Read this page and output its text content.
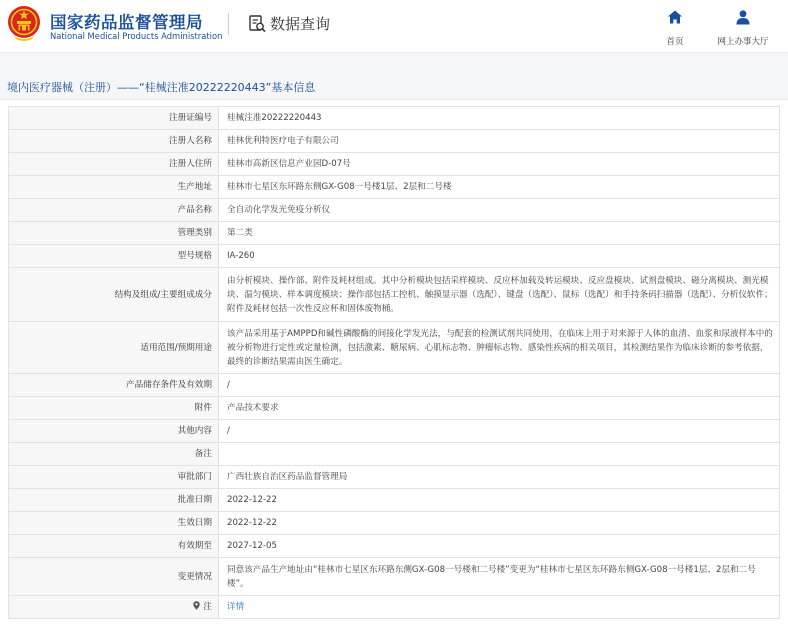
国家药品监督管理局
National Medical Products Administration
数据查询
首页	网上办事大厅
境内医疗器械（注册）——“桂械注准20222220443”基本信息
注册证编号	桂械注准20222220443
注册人名称	桂林优利特医疗电子有限公司
注册人住所	桂林市高新区信息产业园D-07号
生产地址	桂林市七星区东环路东侧GX-G08一号楼1层、2层和二号楼
产品名称	全自动化学发光免疫分析仪
管理类别	第二类
型号规格	IA-260
结构及组成/主要组成成分	由分析模块、操作部、附件及耗材组成。其中分析模块包括采样模块、反应杯加载及转运模块、反应盘模块、试剂盘模块、磁分离模块、测光模块、温匀模块、样本调度模块；操作部包括工控机、触摸显示器（选配）、键盘（选配）、鼠标（选配）和手持条码扫描器（选配）、分析仪软件；附件及耗材包括一次性反应杯和固体废物桶。
适用范围/预期用途	该产品采用基于AMPPD和碱性磷酸酶的间接化学发光法，与配套的检测试剂共同使用，在临床上用于对来源于人体的血清、血浆和尿液样本中的被分析物进行定性或定量检测，包括激素、糖尿病、心肌标志物、肿瘤标志物、感染性疾病的相关项目，其检测结果作为临床诊断的参考依据，最终的诊断结果需由医生确定。
产品储存条件及有效期	/
附件	产品技术要求
其他内容	/
备注	
审批部门	广西壮族自治区药品监督管理局
批准日期	2022-12-22
生效日期	2022-12-22
有效期至	2027-12-05
变更情况	同意该产品生产地址由“桂林市七星区东环路东侧GX-G08一号楼和二号楼”变更为“桂林市七星区东环路东侧GX-G08一号楼1层、2层和二号楼”。
注	详情
